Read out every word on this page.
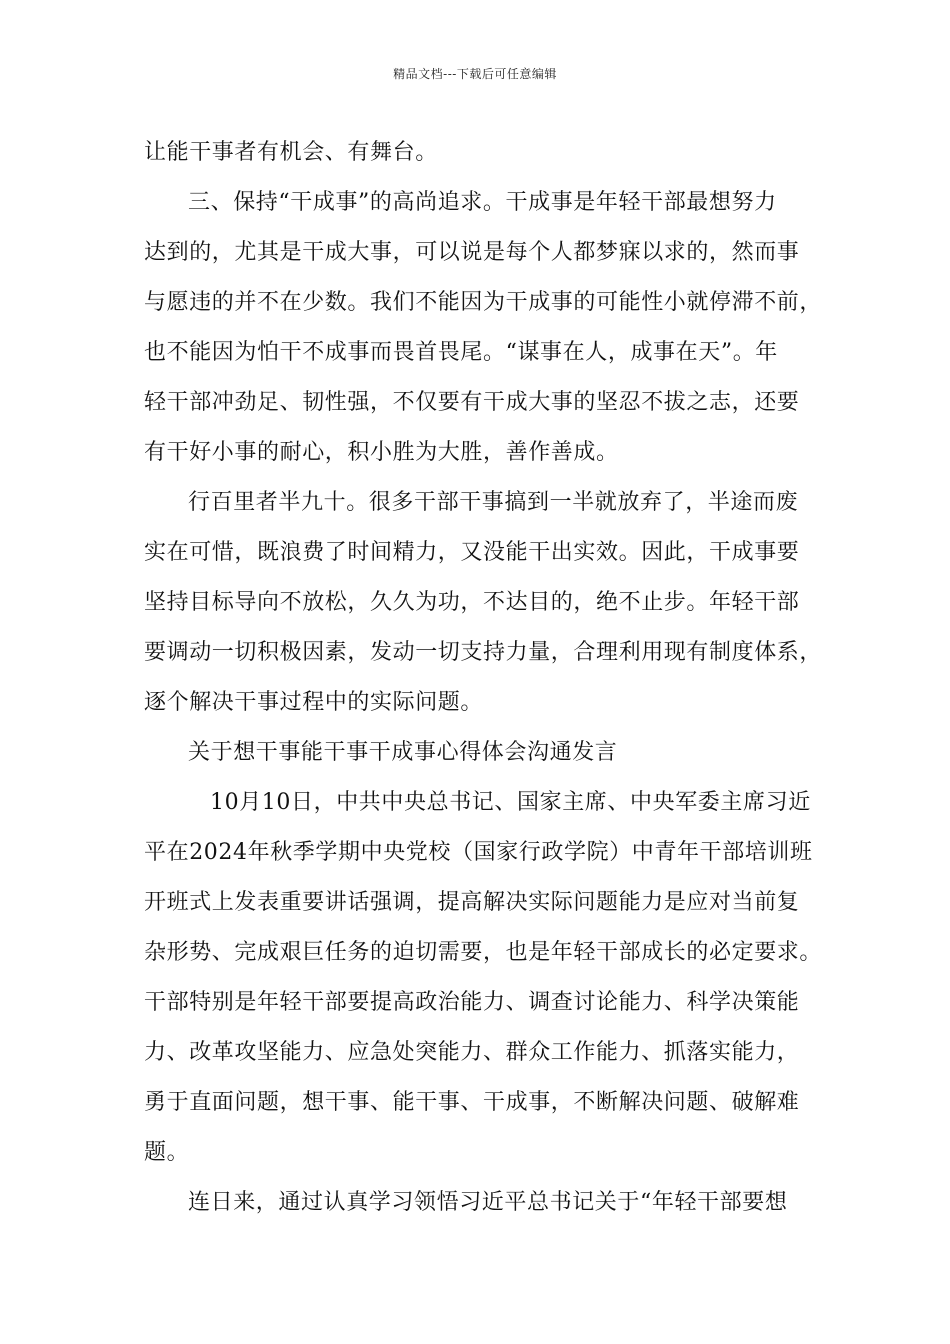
精品文档---下载后可任意编辑
让能干事者有机会、有舞台。
三、保持“干成事”的高尚追求。干成事是年轻干部最想努力
达到的，尤其是干成大事，可以说是每个人都梦寐以求的，然而事
与愿违的并不在少数。我们不能因为干成事的可能性小就停滞不前，
也不能因为怕干不成事而畏首畏尾。“谋事在人，成事在天”。年
轻干部冲劲足、韧性强，不仅要有干成大事的坚忍不拔之志，还要
有干好小事的耐心，积小胜为大胜，善作善成。
行百里者半九十。很多干部干事搞到一半就放弃了，半途而废
实在可惜，既浪费了时间精力，又没能干出实效。因此，干成事要
坚持目标导向不放松，久久为功，不达目的，绝不止步。年轻干部
要调动一切积极因素，发动一切支持力量，合理利用现有制度体系，
逐个解决干事过程中的实际问题。
关于想干事能干事干成事心得体会沟通发言
10月10日，中共中央总书记、国家主席、中央军委主席习近
平在2024年秋季学期中央党校（国家行政学院）中青年干部培训班
开班式上发表重要讲话强调，提高解决实际问题能力是应对当前复
杂形势、完成艰巨任务的迫切需要，也是年轻干部成长的必定要求。
干部特别是年轻干部要提高政治能力、调查讨论能力、科学决策能
力、改革攻坚能力、应急处突能力、群众工作能力、抓落实能力，
勇于直面问题，想干事、能干事、干成事，不断解决问题、破解难
题。
连日来，通过认真学习领悟习近平总书记关于“年轻干部要想
